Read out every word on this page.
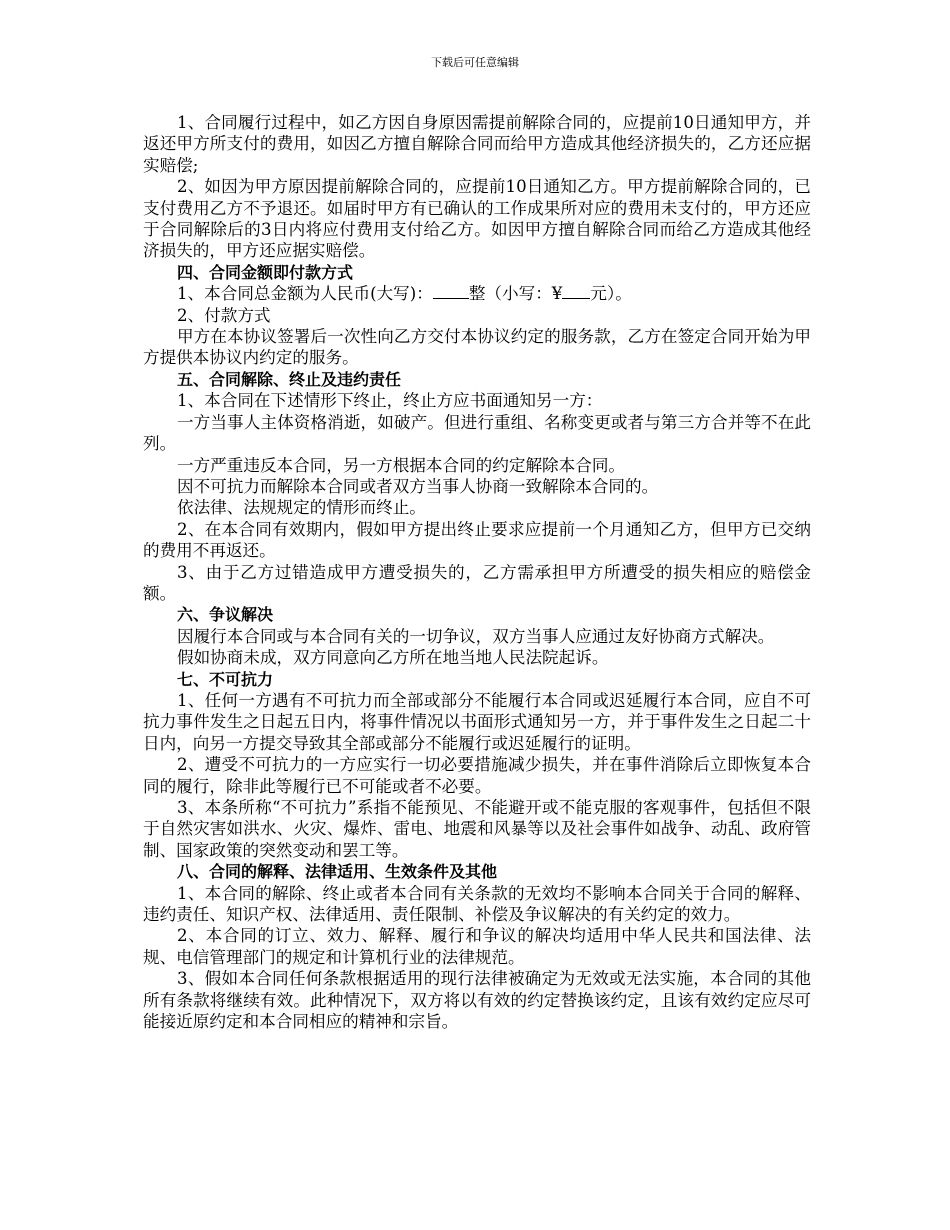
下载后可任意编辑

1、合同履行过程中，如乙方因自身原因需提前解除合同的，应提前10日通知甲方，并返还甲方所支付的费用，如因乙方擅自解除合同而给甲方造成其他经济损失的，乙方还应据实赔偿;

2、如因为甲方原因提前解除合同的，应提前10日通知乙方。甲方提前解除合同的，已支付费用乙方不予退还。如届时甲方有已确认的工作成果所对应的费用未支付的，甲方还应于合同解除后的3日内将应付费用支付给乙方。如因甲方擅自解除合同而给乙方造成其他经济损失的，甲方还应据实赔偿。

四、合同金额即付款方式

1、本合同总金额为人民币(大写)： 整（小写：¥ 元）。

2、付款方式

甲方在本协议签署后一次性向乙方交付本协议约定的服务款，乙方在签定合同开始为甲方提供本协议内约定的服务。

五、合同解除、终止及违约责任

1、本合同在下述情形下终止，终止方应书面通知另一方：

一方当事人主体资格消逝，如破产。但进行重组、名称变更或者与第三方合并等不在此列。

一方严重违反本合同，另一方根据本合同的约定解除本合同。

因不可抗力而解除本合同或者双方当事人协商一致解除本合同的。

依法律、法规规定的情形而终止。

2、在本合同有效期内，假如甲方提出终止要求应提前一个月通知乙方，但甲方已交纳的费用不再返还。

3、由于乙方过错造成甲方遭受损失的，乙方需承担甲方所遭受的损失相应的赔偿金额。

六、争议解决

因履行本合同或与本合同有关的一切争议，双方当事人应通过友好协商方式解决。

假如协商未成，双方同意向乙方所在地当地人民法院起诉。

七、不可抗力

1、任何一方遇有不可抗力而全部或部分不能履行本合同或迟延履行本合同，应自不可抗力事件发生之日起五日内，将事件情况以书面形式通知另一方，并于事件发生之日起二十日内，向另一方提交导致其全部或部分不能履行或迟延履行的证明。

2、遭受不可抗力的一方应实行一切必要措施减少损失，并在事件消除后立即恢复本合同的履行，除非此等履行已不可能或者不必要。

3、本条所称“不可抗力”系指不能预见、不能避开或不能克服的客观事件，包括但不限于自然灾害如洪水、火灾、爆炸、雷电、地震和风暴等以及社会事件如战争、动乱、政府管制、国家政策的突然变动和罢工等。

八、合同的解释、法律适用、生效条件及其他

1、本合同的解除、终止或者本合同有关条款的无效均不影响本合同关于合同的解释、违约责任、知识产权、法律适用、责任限制、补偿及争议解决的有关约定的效力。

2、本合同的订立、效力、解释、履行和争议的解决均适用中华人民共和国法律、法规、电信管理部门的规定和计算机行业的法律规范。

3、假如本合同任何条款根据适用的现行法律被确定为无效或无法实施，本合同的其他所有条款将继续有效。此种情况下，双方将以有效的约定替换该约定，且该有效约定应尽可能接近原约定和本合同相应的精神和宗旨。
